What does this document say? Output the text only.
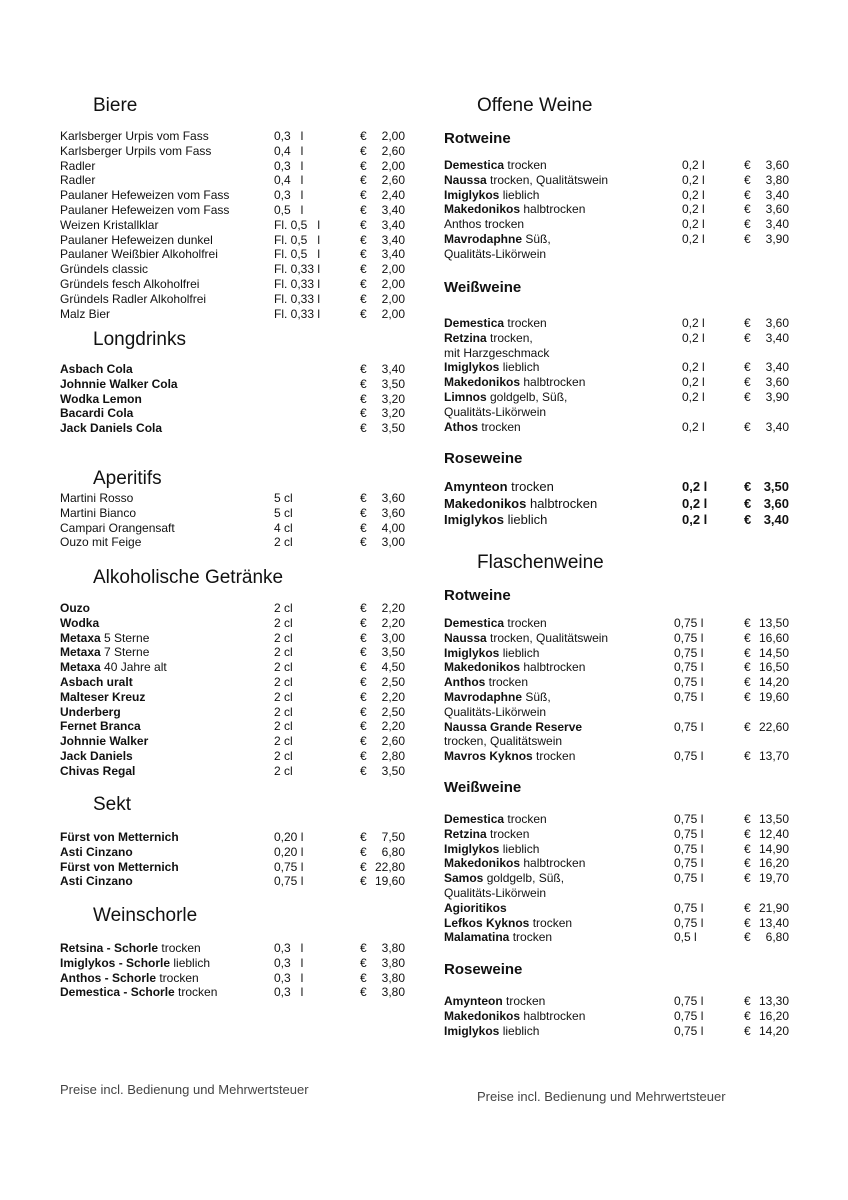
Biere
Karlsberger Urpis vom Fass	0,3   l	€ 2,00
Karlsberger Urpils vom Fass	0,4   l	€ 2,60
Radler	0,3   l	€ 2,00
Radler	0,4   l	€ 2,60
Paulaner Hefeweizen vom Fass	0,3   l	€ 2,40
Paulaner Hefeweizen vom Fass	0,5   l	€ 3,40
Weizen Kristallklar	Fl. 0,5   l	€ 3,40
Paulaner Hefeweizen dunkel	Fl. 0,5   l	€ 3,40
Paulaner Weißbier Alkoholfrei	Fl. 0,5   l	€ 3,40
Gründels classic	Fl. 0,33 l	€ 2,00
Gründels fesch Alkoholfrei	Fl. 0,33 l	€ 2,00
Gründels Radler Alkoholfrei	Fl. 0,33 l	€ 2,00
Malz Bier	Fl. 0,33 l	€ 2,00
Longdrinks
Asbach Cola	€ 3,40
Johnnie Walker Cola	€ 3,50
Wodka Lemon	€ 3,20
Bacardi Cola	€ 3,20
Jack Daniels Cola	€ 3,50
Aperitifs
Martini Rosso	5 cl	€ 3,60
Martini Bianco	5 cl	€ 3,60
Campari Orangensaft	4 cl	€ 4,00
Ouzo mit Feige	2 cl	€ 3,00
Alkoholische Getränke
Ouzo	2 cl	€ 2,20
Wodka	2 cl	€ 2,20
Metaxa 5 Sterne	2 cl	€ 3,00
Metaxa 7 Sterne	2 cl	€ 3,50
Metaxa 40 Jahre alt	2 cl	€ 4,50
Asbach uralt	2 cl	€ 2,50
Malteser Kreuz	2 cl	€ 2,20
Underberg	2 cl	€ 2,50
Fernet Branca	2 cl	€ 2,20
Johnnie Walker	2 cl	€ 2,60
Jack Daniels	2 cl	€ 2,80
Chivas Regal	2 cl	€ 3,50
Sekt
Fürst von Metternich	0,20 l	€ 7,50
Asti Cinzano	0,20 l	€ 6,80
Fürst von Metternich	0,75 l	€ 22,80
Asti Cinzano	0,75 l	€ 19,60
Weinschorle
Retsina - Schorle trocken	0,3   l	€ 3,80
Imiglykos - Schorle lieblich	0,3   l	€ 3,80
Anthos - Schorle trocken	0,3   l	€ 3,80
Demestica - Schorle trocken	0,3   l	€ 3,80
Offene Weine
Flaschenweine
Rotweine
Demestica trocken	0,2 l	€ 3,60
Naussa trocken, Qualitätswein	0,2 l	€ 3,80
Imiglykos lieblich	0,2 l	€ 3,40
Makedonikos halbtrocken	0,2 l	€ 3,60
Anthos trocken	0,2 l	€ 3,40
Mavrodaphne Süß,	0,2 l	€ 3,90
Qualitäts-Likörwein
Weißweine
Demestica trocken	0,2 l	€ 3,60
Retzina trocken,	0,2 l	€ 3,40
mit Harzgeschmack
Imiglykos lieblich	0,2 l	€ 3,40
Makedonikos halbtrocken	0,2 l	€ 3,60
Limnos goldgelb, Süß,	0,2 l	€ 3,90
Qualitäts-Likörwein
Athos trocken	0,2 l	€ 3,40
Roseweine
Amynteon trocken	0,2 l	€ 3,50
Makedonikos halbtrocken	0,2 l	€ 3,60
Imiglykos lieblich	0,2 l	€ 3,40
Rotweine
Demestica trocken	0,75 l	€ 13,50
Naussa trocken, Qualitätswein	0,75 l	€ 16,60
Imiglykos lieblich	0,75 l	€ 14,50
Makedonikos halbtrocken	0,75 l	€ 16,50
Anthos trocken	0,75 l	€ 14,20
Mavrodaphne Süß,	0,75 l	€ 19,60
Qualitäts-Likörwein
Naussa Grande Reserve	0,75 l	€ 22,60
trocken, Qualitätswein
Mavros Kyknos trocken	0,75 l	€ 13,70
Weißweine
Demestica trocken	0,75 l	€ 13,50
Retzina trocken	0,75 l	€ 12,40
Imiglykos lieblich	0,75 l	€ 14,90
Makedonikos halbtrocken	0,75 l	€ 16,20
Samos goldgelb, Süß,	0,75 l	€ 19,70
Qualitäts-Likörwein
Agioritikos	0,75 l	€ 21,90
Lefkos Kyknos trocken	0,75 l	€ 13,40
Malamatina trocken	0,5 l	€ 6,80
Roseweine
Amynteon trocken	0,75 l	€ 13,30
Makedonikos halbtrocken	0,75 l	€ 16,20
Imiglykos lieblich	0,75 l	€ 14,20
Preise incl. Bedienung und Mehrwertsteuer	Preise incl. Bedienung und Mehrwertsteuer
